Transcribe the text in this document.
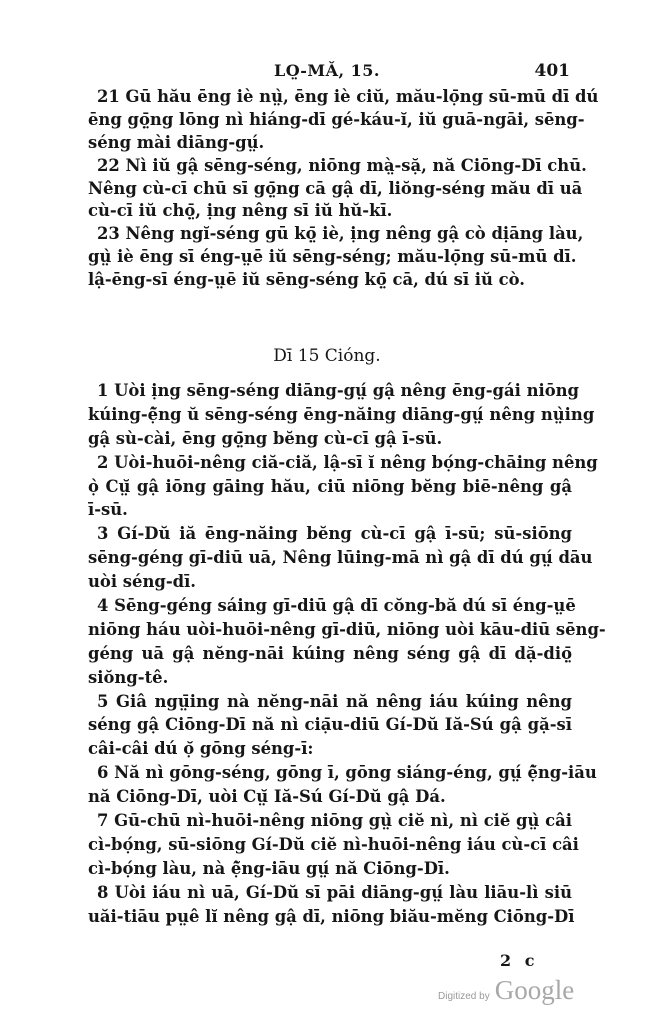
LỌ̣-MǍ, 15.	401
21 Gū hău ēng iè nṳ̀, ēng iè ciŭ, mău-lọ̄ng sū-mū dī dú
ēng gọ̤̄ng lōng nì hiáng-dī gé-káu-ĭ, iŭ guā-ngāi, sēng-
séng mài diāng-gṳ́.
22 Nì iŭ gậ sēng-séng, niōng mà̤-sặ, nă Ciōng-Dī chū.
Nêng cù-cī chū sī gọ̤̄ng cā gậ dī, liŏng-séng mău dī uā
cù-cī iŭ chọ̤̄, ịng nêng sī iŭ hŭ-kī.
23 Nêng ngĭ-séng gū kọ̤̄ iè, ịng nêng gậ cò dịāng làu,
gṳ̀ iè ēng sī éng-ṳē iŭ sēng-séng; mău-lọ̄ng sū-mū dī.
lậ-ēng-sī éng-ṳē iŭ sēng-séng kọ̤̄ cā, dú sī iŭ cò.
Dī 15 Cióng.
1 Uòi ịng sēng-séng diāng-gṳ́ gậ nêng ēng-gái niōng
kúing-ệ̆ng ŭ sēng-séng ēng-năing diāng-gṳ́ nêng nṳ̀ing
gậ sù-cài, ēng gọ̤̄ng bĕng cù-cī gậ ī-sū.
2 Uòi-huōi-nêng ciă-ciă, lậ-sī ĭ nêng bọ́ng-chāing nêng
ọ̀ Cṳ̆ gậ iōng gāing hău, ciū niōng bĕng biē-nêng gậ
ī-sū.
3 Gí-Dŭ iă ēng-năing bĕng cù-cī gậ ī-sū; sū-siōng
sēng-géng gī-diū uā, Nêng lūing-mā nì gậ dī dú gṳ́ dāu
uòi séng-dī.
4 Sēng-géng sáing gī-diū gậ dī cŏng-bă dú sī éng-ṳē
niōng háu uòi-huōi-nêng gī-diū, niōng uòi kāu-diū sēng-
géng uā gậ nĕng-nāi kúing nêng séng gậ dī dặ-diọ̤̄
siŏng-tê.
5 Giâ ngṳ̄ing nà nĕng-nāi nă nêng iáu kúing nêng
séng gậ Ciōng-Dī nă nì ciạ̄u-diū Gí-Dŭ Iă-Sú gậ gặ-sī
câi-câi dú ọ̆ gōng séng-ī:
6 Nă nì gōng-séng, gōng ī, gōng siáng-éng, gṳ́ ệ̆ng-iāu
nă Ciōng-Dī, uòi Cṳ̆ Iă-Sú Gí-Dŭ gậ Dá.
7 Gū-chū nì-huōi-nêng niōng gṳ̀ ciĕ nì, nì ciĕ gṳ̀ câi
cì-bọ́ng, sū-siōng Gí-Dŭ ciĕ nì-huōi-nêng iáu cù-cī câi
cì-bọ́ng làu, nà ệ̆ng-iāu gṳ́ nă Ciōng-Dī.
8 Uòi iáu nì uā, Gí-Dŭ sī pāi diāng-gṳ́ làu liāu-lì siū
uăi-tiāu pṳê lĭ nêng gậ dī, niōng biău-mĕng Ciōng-Dī
2 c
Digitized by Google
